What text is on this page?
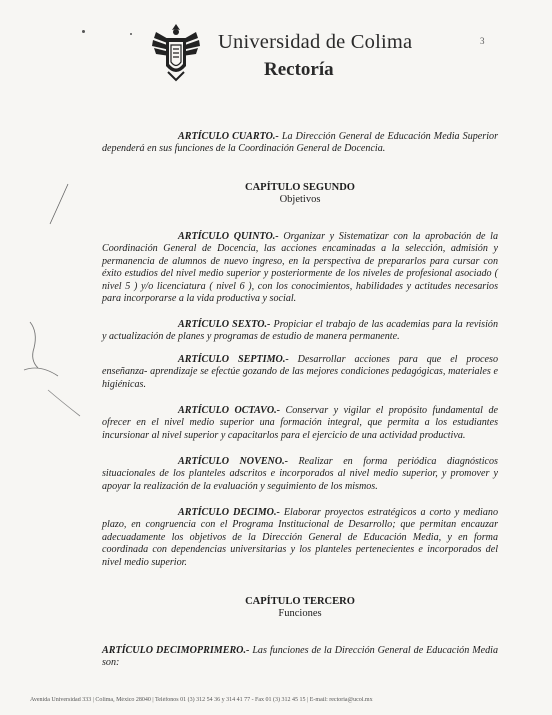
Universidad de Colima
Rectoría
3
ARTÍCULO CUARTO.- La Dirección General de Educación Media Superior dependerá en sus funciones de la Coordinación General de Docencia.
CAPÍTULO SEGUNDO
Objetivos
ARTÍCULO QUINTO.- Organizar y Sistematizar con la aprobación de la Coordinación General de Docencia, las acciones encaminadas a la selección, admisión y permanencia de alumnos de nuevo ingreso, en la perspectiva de prepararlos para cursar con éxito estudios del nivel medio superior y posteriormente de los niveles de profesional asociado ( nivel 5 ) y/o licenciatura ( nivel 6 ), con los conocimientos, habilidades y actitudes necesarios para incorporarse a la vida productiva y social.
ARTÍCULO SEXTO.- Propiciar el trabajo de las academias para la revisión y actualización de planes y programas de estudio de manera permanente.
ARTÍCULO SEPTIMO.- Desarrollar acciones para que el proceso enseñanza- aprendizaje se efectúe gozando de las mejores condiciones pedagógicas, materiales e higiénicas.
ARTÍCULO OCTAVO.- Conservar y vigilar el propósito fundamental de ofrecer en el nivel medio superior una formación integral, que permita a los estudiantes incursionar al nivel superior y capacitarlos para el ejercicio de una actividad productiva.
ARTÍCULO NOVENO.- Realizar en forma periódica diagnósticos situacionales de los planteles adscritos e incorporados al nivel medio superior, y promover y apoyar la realización de la evaluación y seguimiento de los mismos.
ARTÍCULO DECIMO.- Elaborar proyectos estratégicos a corto y mediano plazo, en congruencia con el Programa Institucional de Desarrollo; que permitan encauzar adecuadamente los objetivos de la Dirección General de Educación Media, y en forma coordinada con dependencias universitarias y los planteles pertenecientes e incorporados del nivel medio superior.
CAPÍTULO TERCERO
Funciones
ARTÍCULO DECIMOPRIMERO.- Las funciones de la Dirección General de Educación Media son:
Avenida Universidad 333 | Colima, México 28040 | Teléfonos 01 (3) 312 54 36 y 314 41 77 - Fax 01 (3) 312 45 15 | E-mail: rectoria@ucol.mx
